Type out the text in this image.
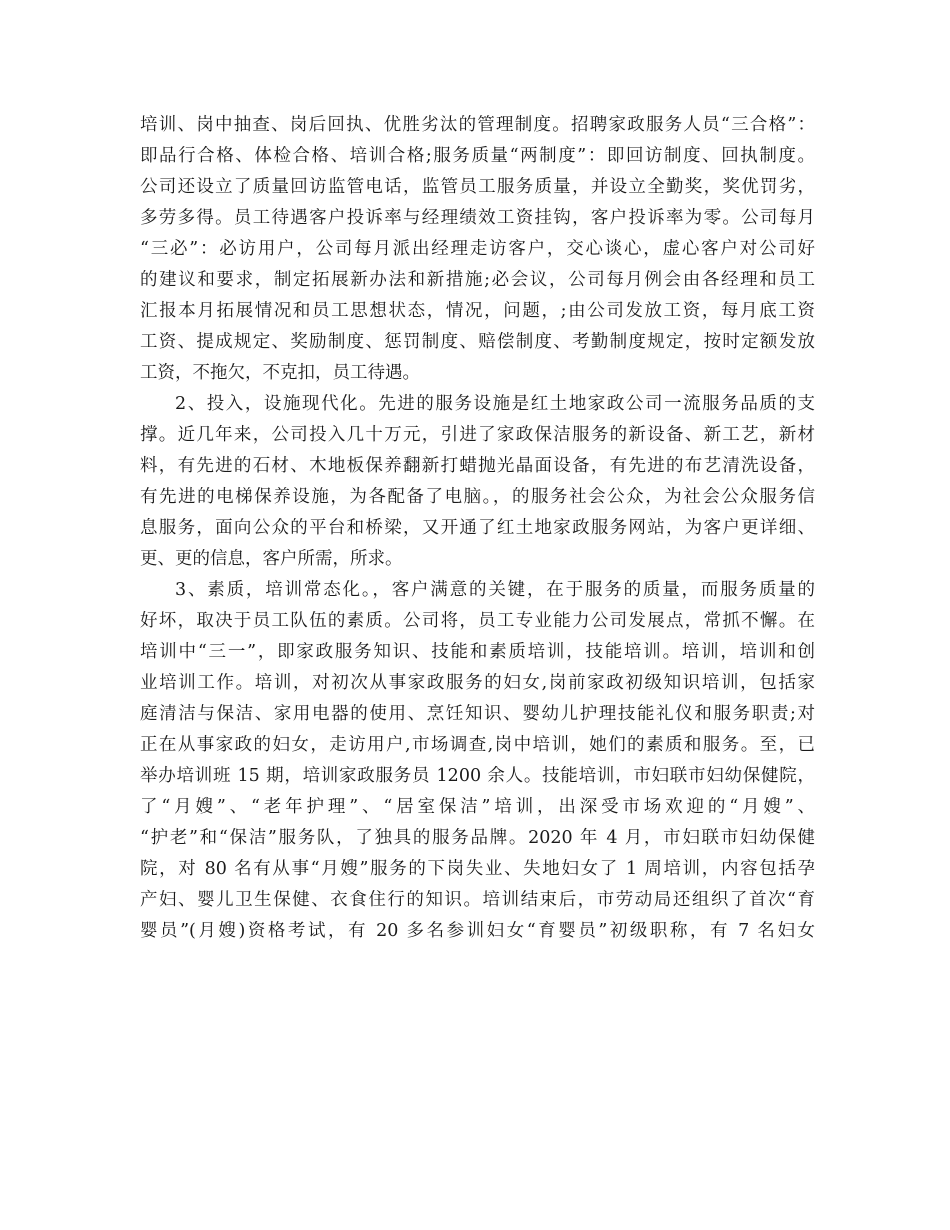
培训、岗中抽查、岗后回执、优胜劣汰的管理制度。招聘家政服务人员“三合格”：
即品行合格、体检合格、培训合格;服务质量“两制度”：即回访制度、回执制度。
公司还设立了质量回访监管电话，监管员工服务质量，并设立全勤奖，奖优罚劣，
多劳多得。员工待遇客户投诉率与经理绩效工资挂钩，客户投诉率为零。公司每月
“三必”：必访用户，公司每月派出经理走访客户，交心谈心，虚心客户对公司好
的建议和要求，制定拓展新办法和新措施;必会议，公司每月例会由各经理和员工
汇报本月拓展情况和员工思想状态，情况，问题，;由公司发放工资，每月底工资
工资、提成规定、奖励制度、惩罚制度、赔偿制度、考勤制度规定，按时定额发放
工资，不拖欠，不克扣，员工待遇。
2、投入，设施现代化。先进的服务设施是红土地家政公司一流服务品质的支
撑。近几年来，公司投入几十万元，引进了家政保洁服务的新设备、新工艺，新材
料，有先进的石材、木地板保养翻新打蜡抛光晶面设备，有先进的布艺清洗设备，
有先进的电梯保养设施，为各配备了电脑。，的服务社会公众，为社会公众服务信
息服务，面向公众的平台和桥梁，又开通了红土地家政服务网站，为客户更详细、
更、更的信息，客户所需，所求。
3、素质，培训常态化。，客户满意的关键，在于服务的质量，而服务质量的
好坏，取决于员工队伍的素质。公司将，员工专业能力公司发展点，常抓不懈。在
培训中“三一”，即家政服务知识、技能和素质培训，技能培训。培训，培训和创
业培训工作。培训，对初次从事家政服务的妇女,岗前家政初级知识培训，包括家
庭清洁与保洁、家用电器的使用、烹饪知识、婴幼儿护理技能礼仪和服务职责;对
正在从事家政的妇女，走访用户,市场调查,岗中培训，她们的素质和服务。至，已
举办培训班 15 期，培训家政服务员 1200 余人。技能培训，市妇联市妇幼保健院，
了“月嫂”、“老年护理”、“居室保洁”培训，出深受市场欢迎的“月嫂”、
“护老”和“保洁”服务队，了独具的服务品牌。2020 年 4 月，市妇联市妇幼保健
院，对 80 名有从事“月嫂”服务的下岗失业、失地妇女了 1 周培训，内容包括孕
产妇、婴儿卫生保健、衣食住行的知识。培训结束后，市劳动局还组织了首次“育
婴员”(月嫂)资格考试，有 20 多名参训妇女“育婴员”初级职称，有 7 名妇女
